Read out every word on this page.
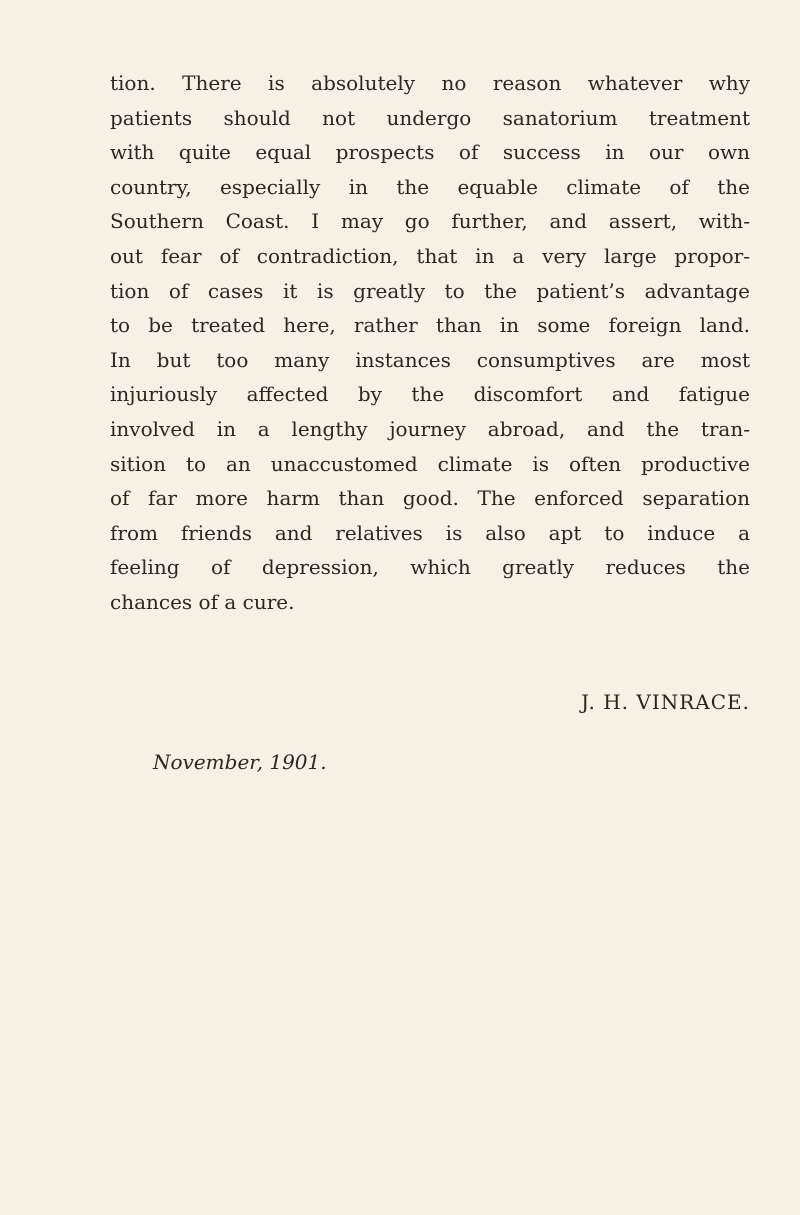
tion. There is absolutely no reason whatever why
patients should not undergo sanatorium treatment
with quite equal prospects of success in our own
country, especially in the equable climate of the
Southern Coast. I may go further, and assert, with-
out fear of contradiction, that in a very large propor-
tion of cases it is greatly to the patient’s advantage
to be treated here, rather than in some foreign land.
In but too many instances consumptives are most
injuriously affected by the discomfort and fatigue
involved in a lengthy journey abroad, and the tran-
sition to an unaccustomed climate is often productive
of far more harm than good. The enforced separation
from friends and relatives is also apt to induce a
feeling of depression, which greatly reduces the
chances of a cure.
J. H. VINRACE.
November, 1901.
